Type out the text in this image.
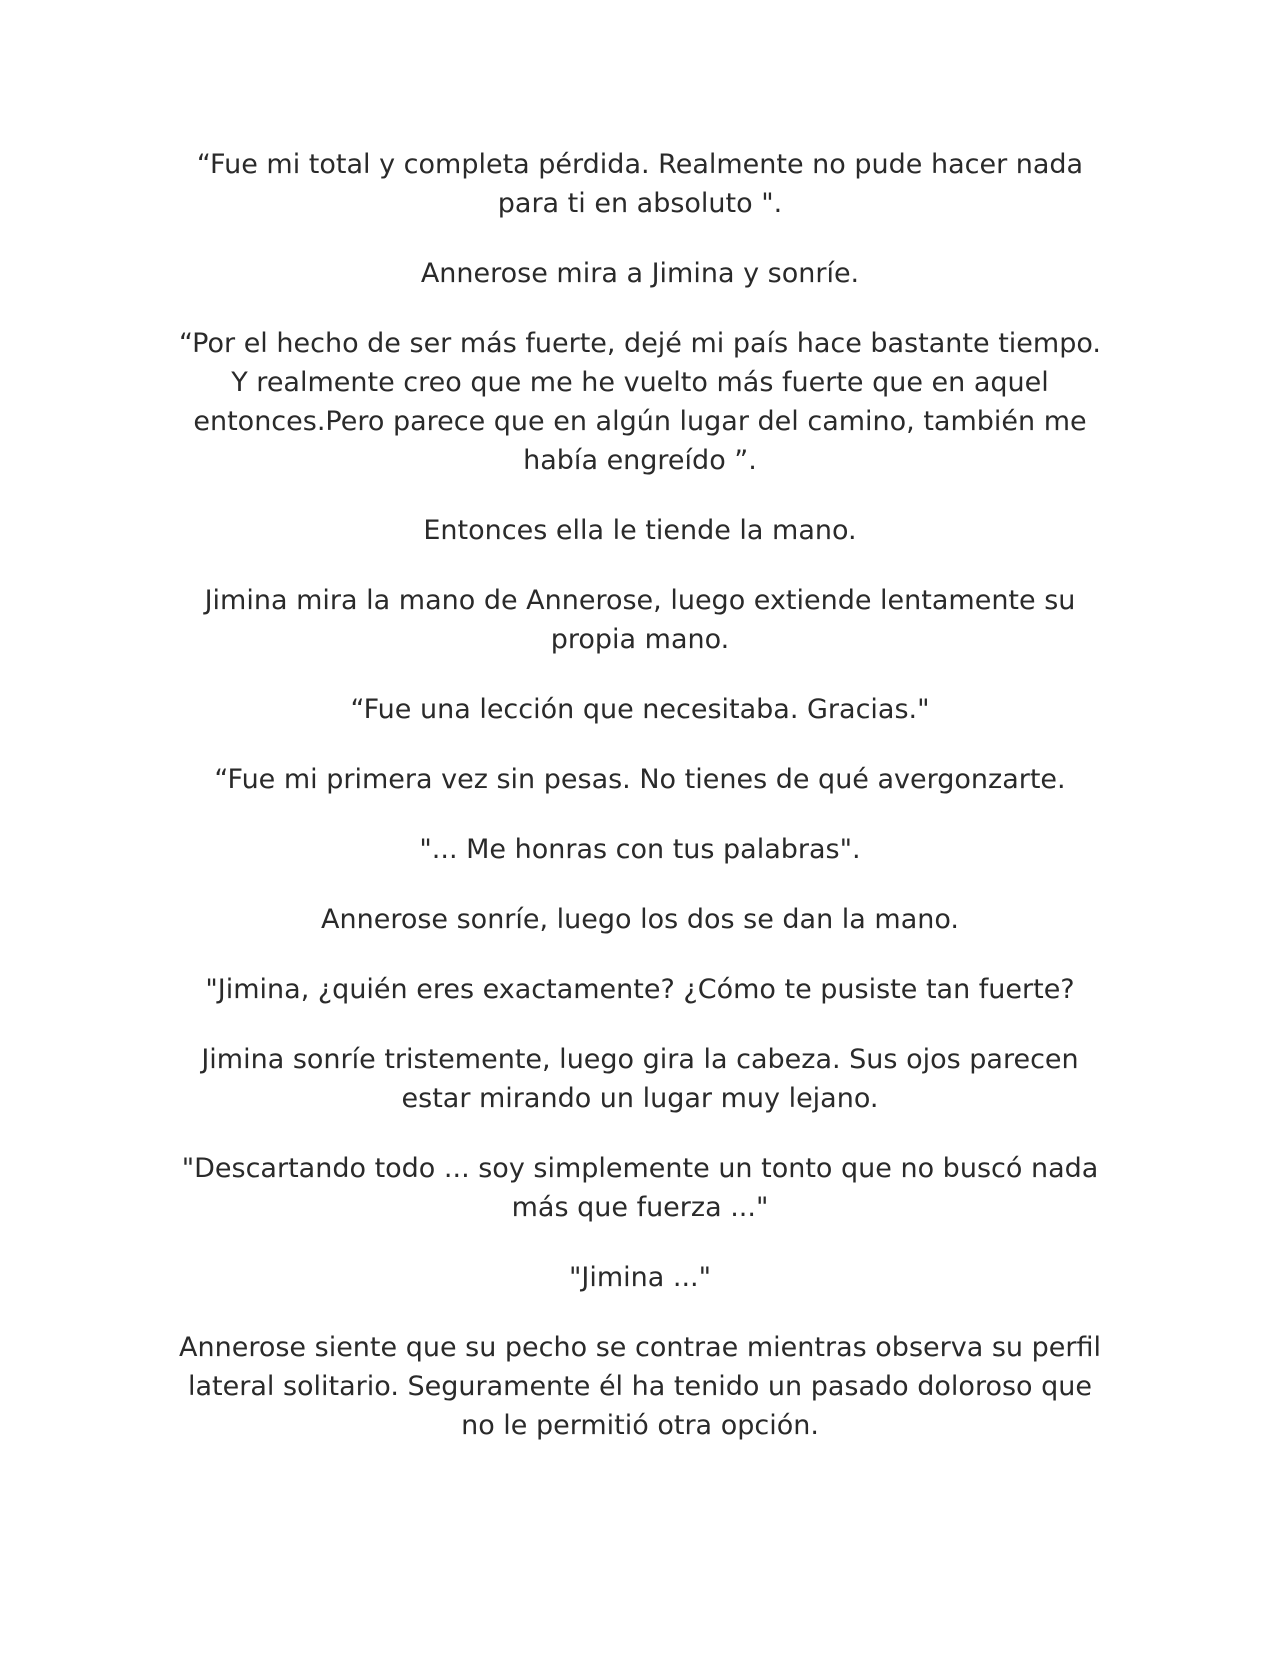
“Fue mi total y completa pérdida. Realmente no pude hacer nada para ti en absoluto ".

Annerose mira a Jimina y sonríe.

“Por el hecho de ser más fuerte, dejé mi país hace bastante tiempo. Y realmente creo que me he vuelto más fuerte que en aquel entonces.Pero parece que en algún lugar del camino, también me había engreído ”.

Entonces ella le tiende la mano.

Jimina mira la mano de Annerose, luego extiende lentamente su propia mano.

“Fue una lección que necesitaba. Gracias."

“Fue mi primera vez sin pesas. No tienes de qué avergonzarte.

"... Me honras con tus palabras".

Annerose sonríe, luego los dos se dan la mano.

"Jimina, ¿quién eres exactamente? ¿Cómo te pusiste tan fuerte?

Jimina sonríe tristemente, luego gira la cabeza. Sus ojos parecen estar mirando un lugar muy lejano.

"Descartando todo ... soy simplemente un tonto que no buscó nada más que fuerza ..."

"Jimina ..."

Annerose siente que su pecho se contrae mientras observa su perfil lateral solitario. Seguramente él ha tenido un pasado doloroso que no le permitió otra opción.
